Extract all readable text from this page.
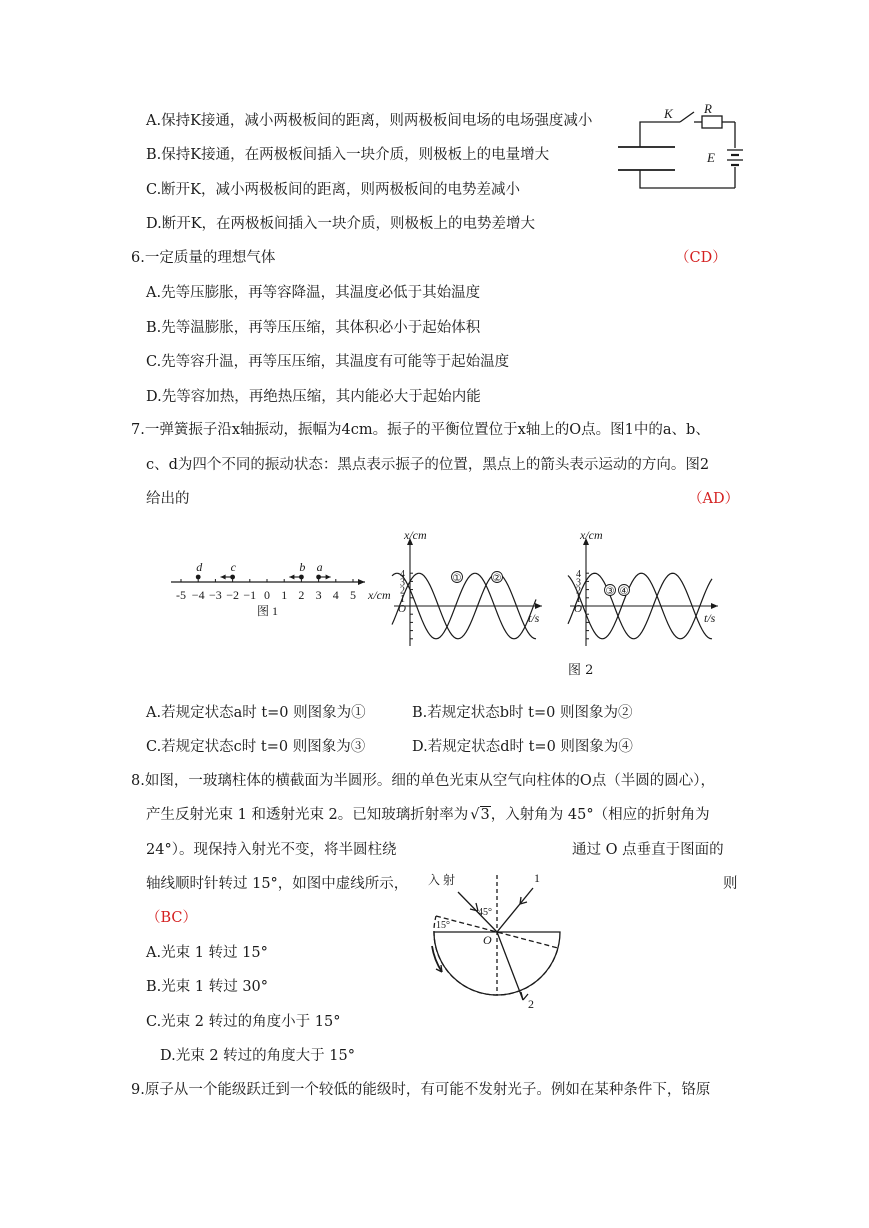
A.保持K接通，减小两极板间的距离，则两极板间电场的电场强度减小
B.保持K接通，在两极板间插入一块介质，则极板上的电量增大
C.断开K，减小两极板间的距离，则两极板间的电势差减小
D.断开K，在两极板间插入一块介质，则极板上的电势差增大
K R
E
6.一定质量的理想气体	（CD）
A.先等压膨胀，再等容降温，其温度必低于其始温度
B.先等温膨胀，再等压压缩，其体积必小于起始体积
C.先等容升温，再等压压缩，其温度有可能等于起始温度
D.先等容加热，再绝热压缩，其内能必大于起始内能
7.一弹簧振子沿x轴振动，振幅为4cm。振子的平衡位置位于x轴上的O点。图1中的a、b、
c、d为四个不同的振动状态：黑点表示振子的位置，黑点上的箭头表示运动的方向。图2
给出的	（AD）
-5 −4 −3 −2 −1 0 1 2 3 4 5 x/cm
d c	b a
图 1
x/cm
t/s
O
4
3
2
1
①	②
x/cm
t/s
O
4
3
2
1
③ ④
图 2
A.若规定状态a时 t=0 则图象为①	B.若规定状态b时 t=0 则图象为②
C.若规定状态c时 t=0 则图象为③	D.若规定状态d时 t=0 则图象为④
8.如图，一玻璃柱体的横截面为半圆形。细的单色光束从空气向柱体的O点（半圆的圆心），
产生反射光束 1 和透射光束 2。已知玻璃折射率为 √3，入射角为 45°（相应的折射角为
24°）。现保持入射光不变，将半圆柱绕	通过 O 点垂直于图面的
轴线顺时针转过 15°，如图中虚线所示，	则
（BC）
A.光束 1 转过 15°
B.光束 1 转过 30°
C.光束 2 转过的角度小于 15°
D.光束 2 转过的角度大于 15°
入 射
45°
15°
O
1
2
9.原子从一个能级跃迁到一个较低的能级时，有可能不发射光子。例如在某种条件下，铬原
